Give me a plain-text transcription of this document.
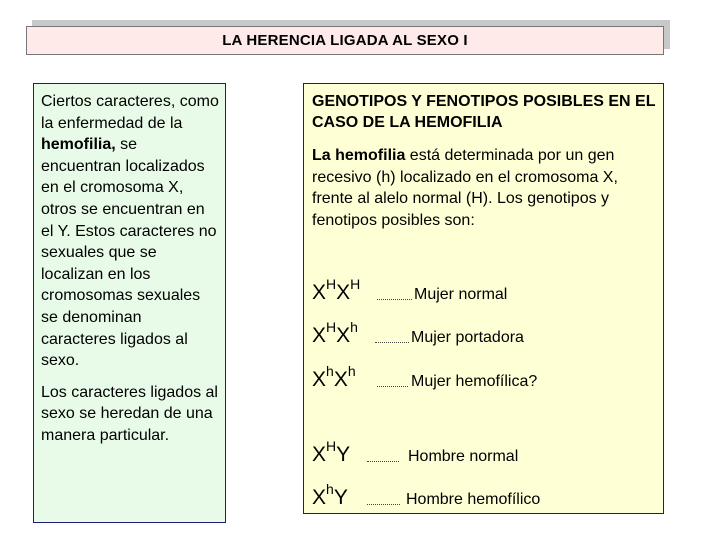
LA HERENCIA LIGADA AL SEXO I

Ciertos caracteres, como la enfermedad de la hemofilia, se encuentran localizados en el cromosoma X, otros se encuentran en el Y. Estos caracteres no sexuales que se localizan en los cromosomas sexuales se denominan caracteres ligados al sexo.

Los caracteres ligados al sexo se heredan de una manera particular.

GENOTIPOS Y FENOTIPOS POSIBLES EN EL CASO DE LA HEMOFILIA
La hemofilia está determinada por un gen recesivo (h) localizado en el cromosoma X, frente al alelo normal (H). Los genotipos y fenotipos posibles son:
$X^HX^H$
Mujer normal
$X^HX^h$
Mujer portadora
$X^hX^h$
Mujer hemofílica?
$X^HY$	Hombre normal
$X^hY$	Hombre hemofílico
